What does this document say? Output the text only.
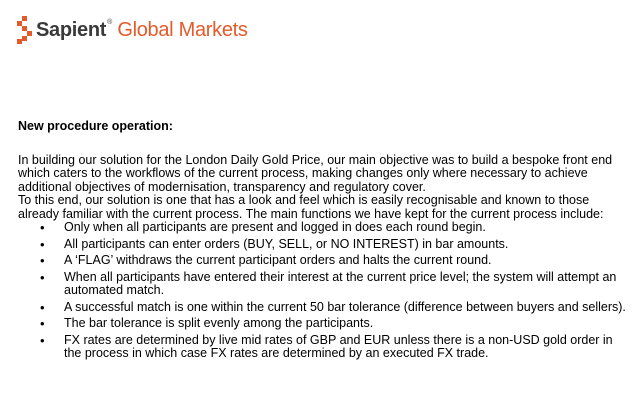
Sapient ® Global Markets

New procedure operation:

In building our solution for the London Daily Gold Price, our main objective was to build a bespoke front end which caters to the workflows of the current process, making changes only where necessary to achieve additional objectives of modernisation, transparency and regulatory cover.

To this end, our solution is one that has a look and feel which is easily recognisable and known to those already familiar with the current process. The main functions we have kept for the current process include:

• Only when all participants are present and logged in does each round begin.
• All participants can enter orders (BUY, SELL, or NO INTEREST) in bar amounts.
• A ‘FLAG’ withdraws the current participant orders and halts the current round.
• When all participants have entered their interest at the current price level; the system will attempt an automated match.
• A successful match is one within the current 50 bar tolerance (difference between buyers and sellers).
• The bar tolerance is split evenly among the participants.
• FX rates are determined by live mid rates of GBP and EUR unless there is a non-USD gold order in the process in which case FX rates are determined by an executed FX trade.
